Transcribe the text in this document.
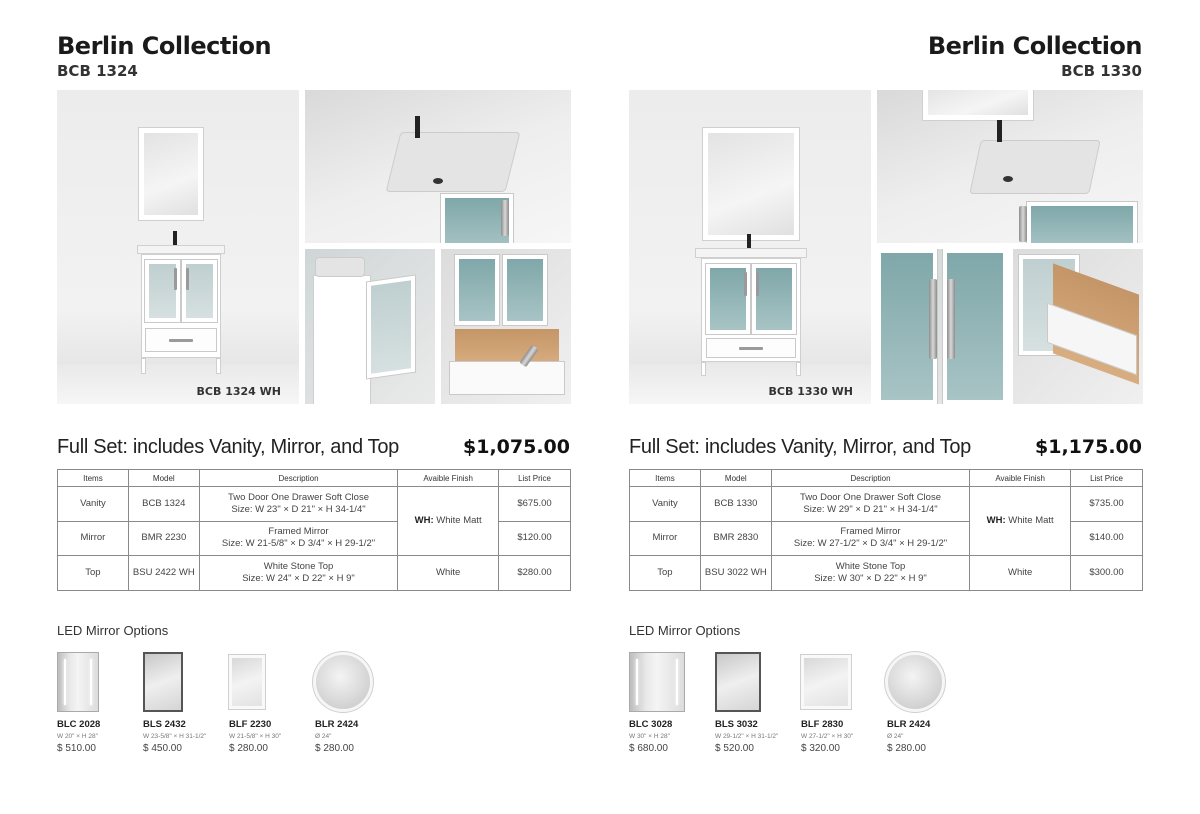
Berlin Collection
BCB 1324
BCB 1324 WH
Full Set: includes Vanity, Mirror, and Top	$1,075.00
Items	Model	Description	Avaible Finish	List Price
Vanity	BCB 1324	Two Door One Drawer Soft Close
Size: W 23" × D 21" × H 34-1/4"	WH: White Matt	$675.00
Mirror	BMR 2230	Framed Mirror
Size: W 21-5/8" × D 3/4" × H 29-1/2"		$120.00
Top	BSU 2422 WH	White Stone Top
Size: W 24" × D 22" × H 9"	White	$280.00
LED Mirror Options
BLC 2028
W 20" × H 28"
$ 510.00
BLS 2432
W 23-5/8" × H 31-1/2"
$ 450.00
BLF 2230
W 21-5/8" × H 30"
$ 280.00
BLR 2424
Ø 24"
$ 280.00
Berlin Collection
BCB 1330
BCB 1330 WH
Full Set: includes Vanity, Mirror, and Top	$1,175.00
Items	Model	Description	Avaible Finish	List Price
Vanity	BCB 1330	Two Door One Drawer Soft Close
Size: W 29" × D 21" × H 34-1/4"	WH: White Matt	$735.00
Mirror	BMR 2830	Framed Mirror
Size: W 27-1/2" × D 3/4" × H 29-1/2"		$140.00
Top	BSU 3022 WH	White Stone Top
Size: W 30" × D 22" × H 9"	White	$300.00
LED Mirror Options
BLC 3028
W 30" × H 28"
$ 680.00
BLS 3032
W 29-1/2" × H 31-1/2"
$ 520.00
BLF 2830
W 27-1/2" × H 30"
$ 320.00
BLR 2424
Ø 24"
$ 280.00
